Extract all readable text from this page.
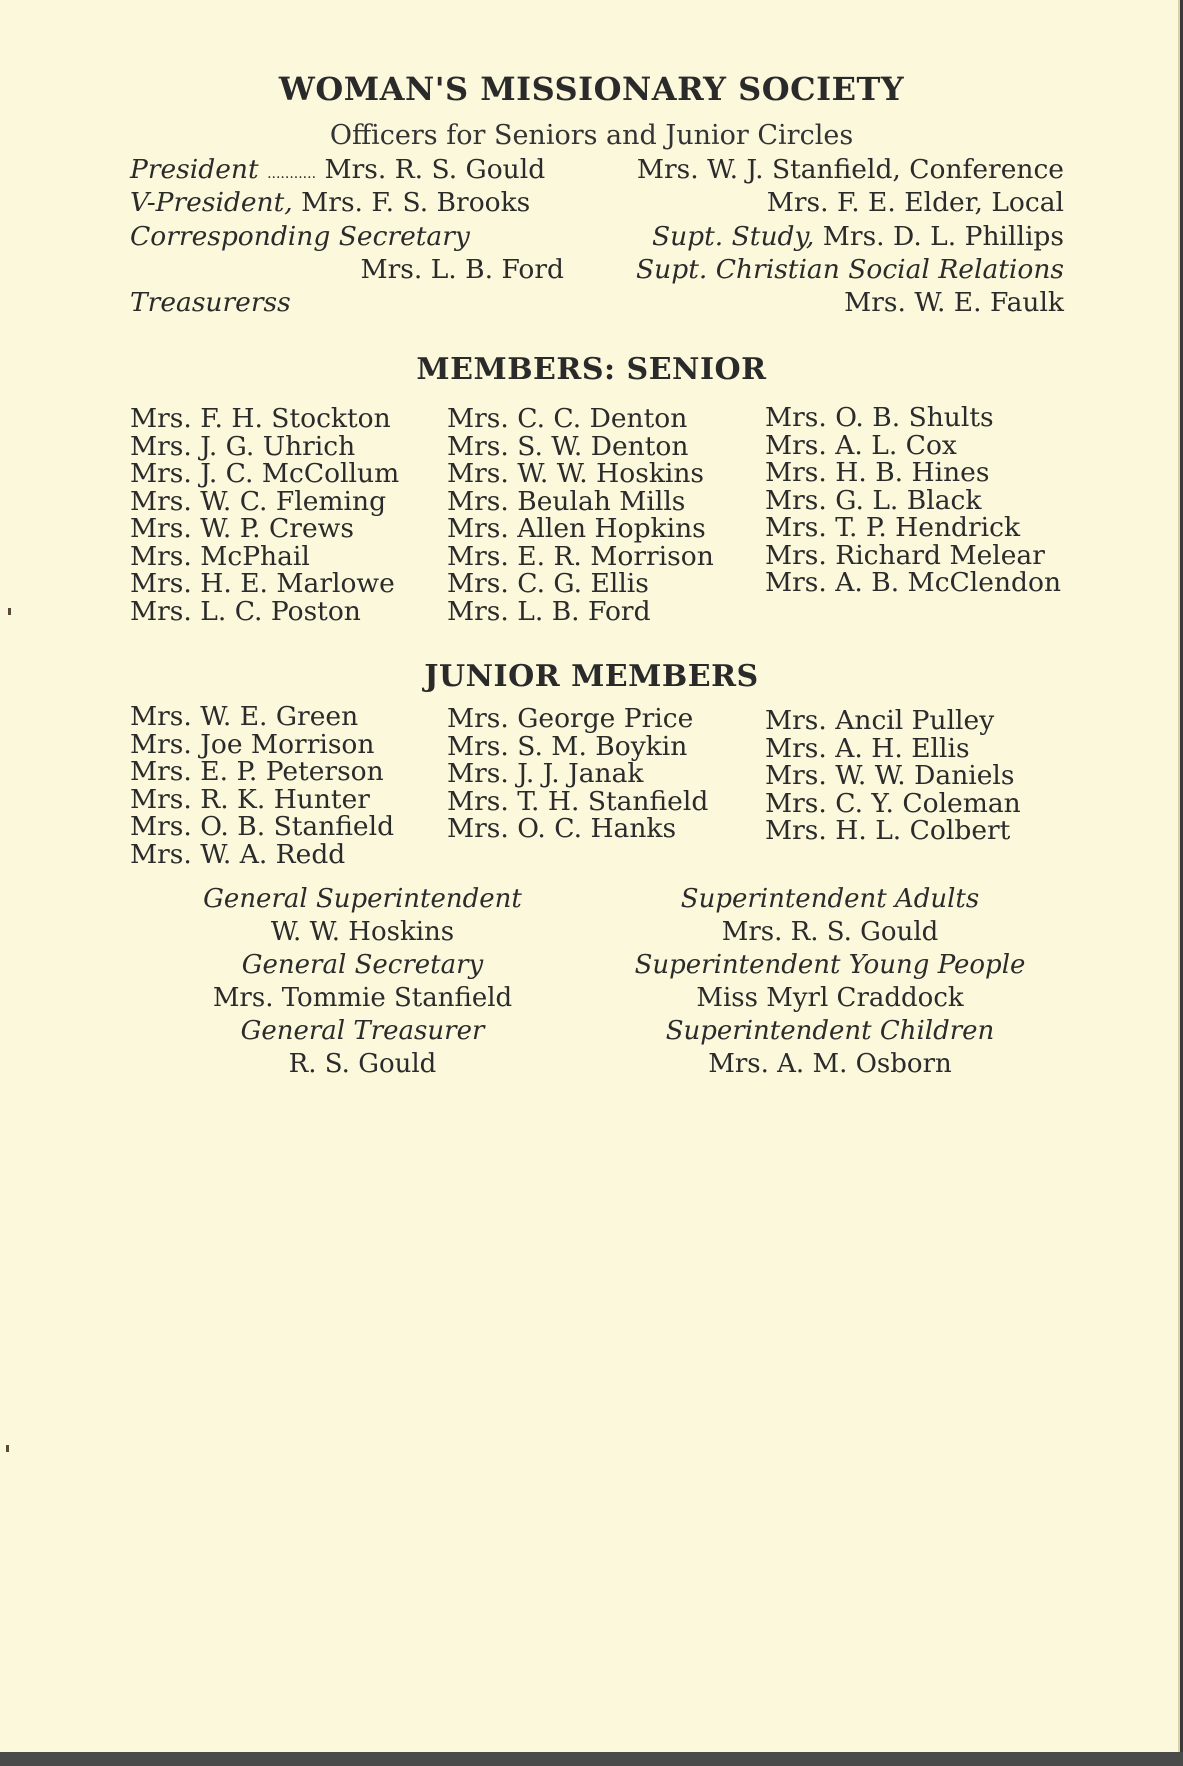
WOMAN'S MISSIONARY SOCIETY
Officers for Seniors and Junior Circles
President ........... Mrs. R. S. Gould
V-President, Mrs. F. S. Brooks
Corresponding Secretary
Mrs. L. B. Ford
Treasurerss
Mrs. W. J. Stanfield, Conference
Mrs. F. E. Elder, Local
Supt. Study, Mrs. D. L. Phillips
Supt. Christian Social Relations
Mrs. W. E. Faulk
MEMBERS: SENIOR
Mrs. F. H. Stockton
Mrs. J. G. Uhrich
Mrs. J. C. McCollum
Mrs. W. C. Fleming
Mrs. W. P. Crews
Mrs. McPhail
Mrs. H. E. Marlowe
Mrs. L. C. Poston
Mrs. C. C. Denton
Mrs. S. W. Denton
Mrs. W. W. Hoskins
Mrs. Beulah Mills
Mrs. Allen Hopkins
Mrs. E. R. Morrison
Mrs. C. G. Ellis
Mrs. L. B. Ford
Mrs. O. B. Shults
Mrs. A. L. Cox
Mrs. H. B. Hines
Mrs. G. L. Black
Mrs. T. P. Hendrick
Mrs. Richard Melear
Mrs. A. B. McClendon
JUNIOR MEMBERS
Mrs. W. E. Green
Mrs. Joe Morrison
Mrs. E. P. Peterson
Mrs. R. K. Hunter
Mrs. O. B. Stanfield
Mrs. W. A. Redd
Mrs. George Price
Mrs. S. M. Boykin
Mrs. J. J. Janak
Mrs. T. H. Stanfield
Mrs. O. C. Hanks
Mrs. Ancil Pulley
Mrs. A. H. Ellis
Mrs. W. W. Daniels
Mrs. C. Y. Coleman
Mrs. H. L. Colbert
General Superintendent
W. W. Hoskins
General Secretary
Mrs. Tommie Stanfield
General Treasurer
R. S. Gould
Superintendent Adults
Mrs. R. S. Gould
Superintendent Young People
Miss Myrl Craddock
Superintendent Children
Mrs. A. M. Osborn
